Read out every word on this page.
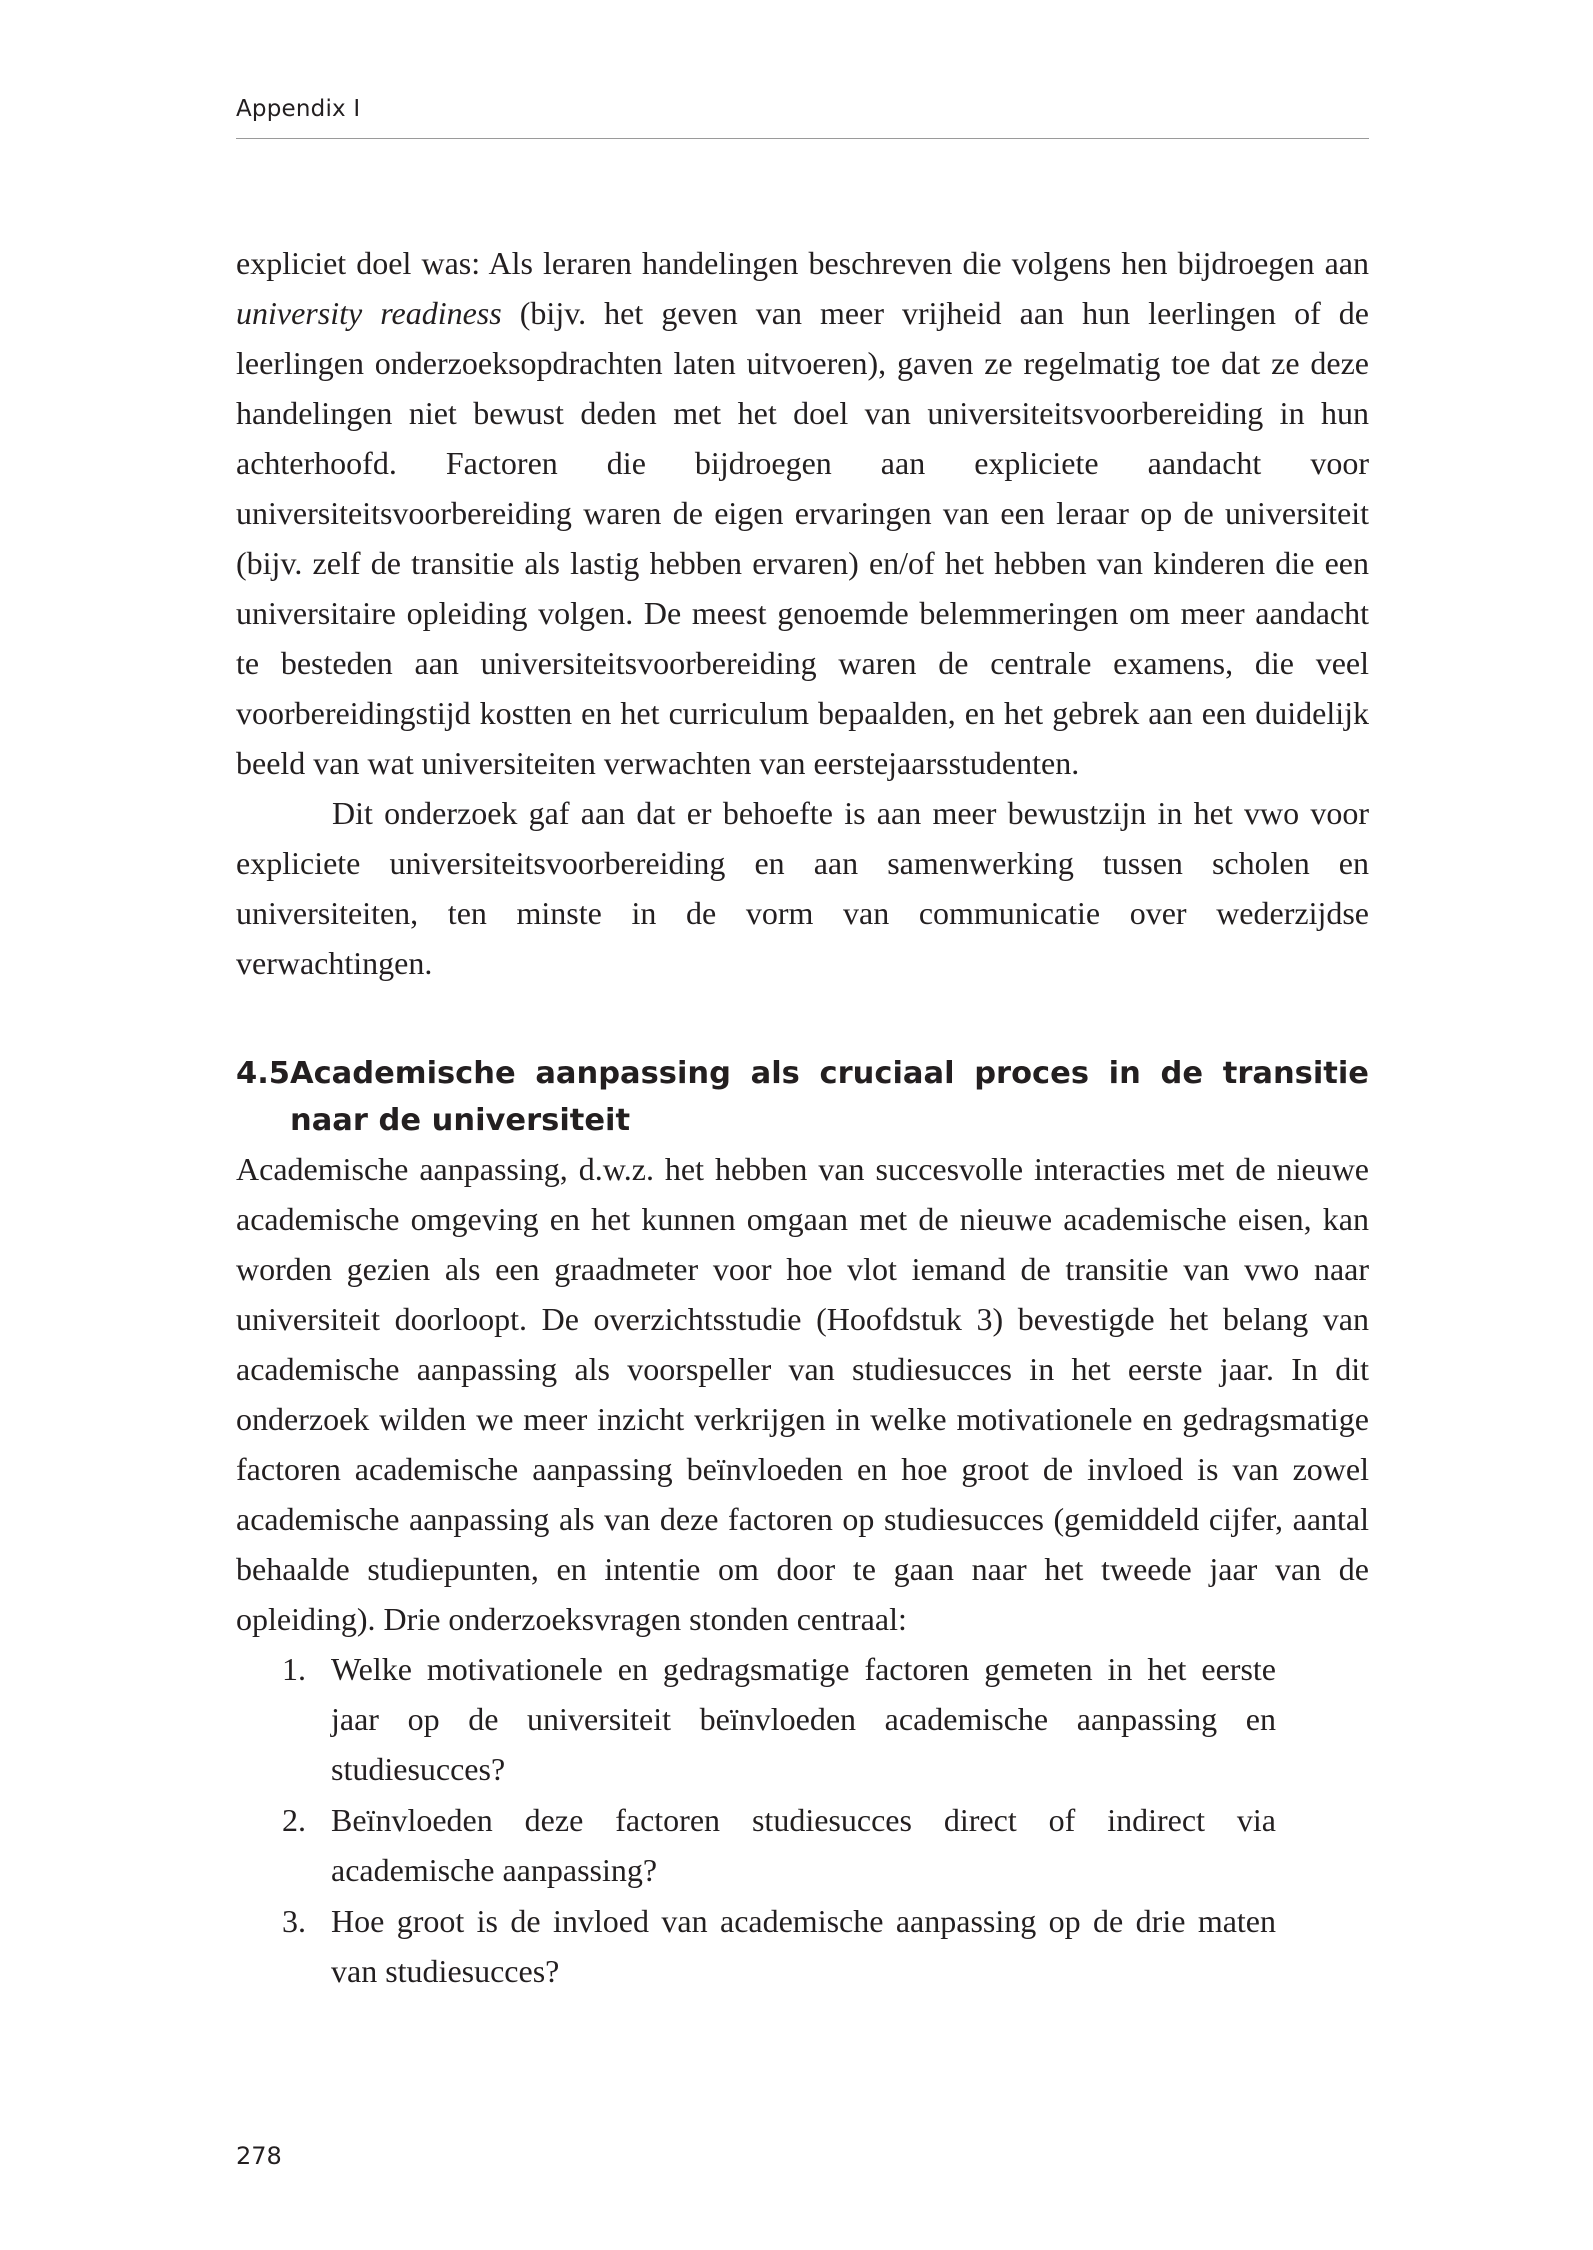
Appendix I

expliciet doel was: Als leraren handelingen beschreven die volgens hen bijdroegen aan university readiness (bijv. het geven van meer vrijheid aan hun leerlingen of de leerlingen onderzoeksopdrachten laten uitvoeren), gaven ze regelmatig toe dat ze deze handelingen niet bewust deden met het doel van universiteitsvoorbereiding in hun achterhoofd. Factoren die bijdroegen aan expliciete aandacht voor universiteitsvoorbereiding waren de eigen ervaringen van een leraar op de universiteit (bijv. zelf de transitie als lastig hebben ervaren) en/of het hebben van kinderen die een universitaire opleiding volgen. De meest genoemde belemmeringen om meer aandacht te besteden aan universiteitsvoorbereiding waren de centrale examens, die veel voorbereidingstijd kostten en het curriculum bepaalden, en het gebrek aan een duidelijk beeld van wat universiteiten verwachten van eerstejaarsstudenten.

Dit onderzoek gaf aan dat er behoefte is aan meer bewustzijn in het vwo voor expliciete universiteitsvoorbereiding en aan samenwerking tussen scholen en universiteiten, ten minste in de vorm van communicatie over wederzijdse verwachtingen.

4.5Academische aanpassing als cruciaal proces in de transitie naar de universiteit

Academische aanpassing, d.w.z. het hebben van succesvolle interacties met de nieuwe academische omgeving en het kunnen omgaan met de nieuwe academische eisen, kan worden gezien als een graadmeter voor hoe vlot iemand de transitie van vwo naar universiteit doorloopt. De overzichtsstudie (Hoofdstuk 3) bevestigde het belang van academische aanpassing als voorspeller van studiesucces in het eerste jaar. In dit onderzoek wilden we meer inzicht verkrijgen in welke motivationele en gedragsmatige factoren academische aanpassing beïnvloeden en hoe groot de invloed is van zowel academische aanpassing als van deze factoren op studiesucces (gemiddeld cijfer, aantal behaalde studiepunten, en intentie om door te gaan naar het tweede jaar van de opleiding). Drie onderzoeksvragen stonden centraal:

1. Welke motivationele en gedragsmatige factoren gemeten in het eerste jaar op de universiteit beïnvloeden academische aanpassing en studiesucces?
2. Beïnvloeden deze factoren studiesucces direct of indirect via academische aanpassing?
3. Hoe groot is de invloed van academische aanpassing op de drie maten van studiesucces?
278
